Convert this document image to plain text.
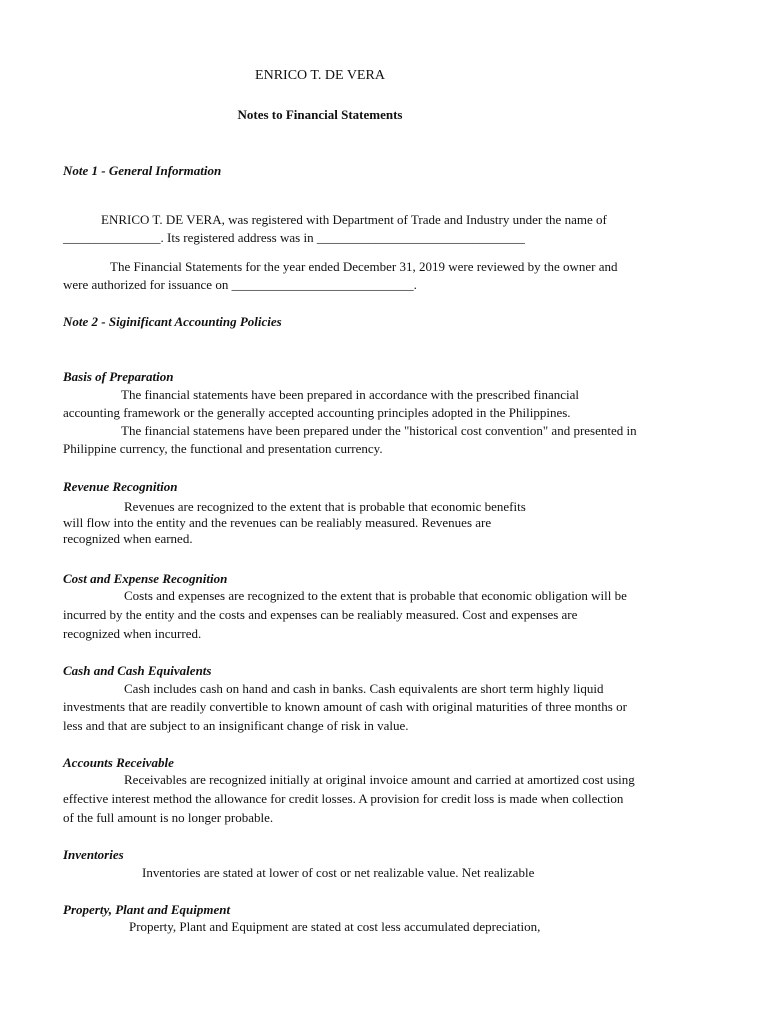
ENRICO T. DE VERA
Notes to Financial Statements
Note 1 - General Information
ENRICO T. DE VERA, was registered with Department of Trade and Industry under the name of
_______________. Its registered address was in ________________________________
The Financial Statements for the year ended December 31, 2019 were reviewed by the owner and
were authorized for issuance on ____________________________.
Note 2 - Siginificant Accounting Policies
Basis of Preparation
The financial statements have been prepared in accordance with the prescribed financial
accounting framework or the generally accepted accounting principles adopted in the Philippines.
The financial statemens have been prepared under the "historical cost convention" and presented in
Philippine currency, the functional and presentation currency.
Revenue Recognition
Revenues are recognized to the extent that is probable that economic benefits
will flow into the entity and the revenues can be realiably measured. Revenues are
recognized when earned.
Cost and Expense Recognition
Costs and expenses are recognized to the extent that is probable that economic obligation will be
incurred by the entity and the costs and expenses can be realiably measured. Cost and expenses are
recognized when incurred.
Cash and Cash Equivalents
Cash includes cash on hand and cash in banks. Cash equivalents are short term highly liquid
investments that are readily convertible to known amount of cash with original maturities of three months or
less and that are subject to an insignificant change of risk in value.
Accounts Receivable
Receivables are recognized initially at original invoice amount and carried at amortized cost using
effective interest method the allowance for credit losses. A provision for credit loss is made when collection
of the full amount is no longer probable.
Inventories
Inventories are stated at lower of cost or net realizable value. Net realizable
Property, Plant and Equipment
Property, Plant and Equipment are stated at cost less accumulated depreciation,
